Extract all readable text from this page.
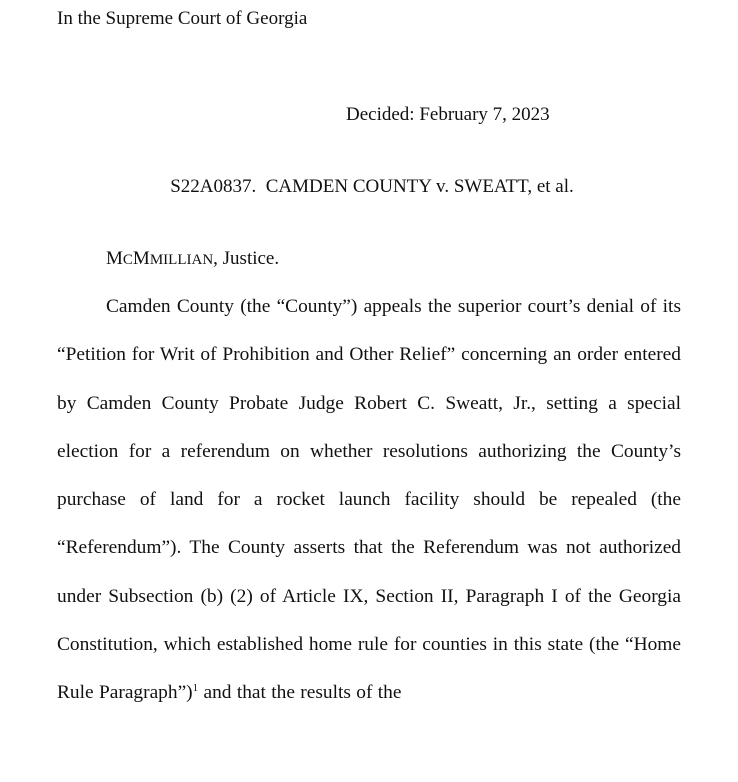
In the Supreme Court of Georgia
Decided: February 7, 2023
S22A0837.  CAMDEN COUNTY v. SWEATT, et al.
MCMMILLIAN, Justice.

Camden County (the “County”) appeals the superior court’s denial of its “Petition for Writ of Prohibition and Other Relief” concerning an order entered by Camden County Probate Judge Robert C. Sweatt, Jr., setting a special election for a referendum on whether resolutions authorizing the County’s purchase of land for a rocket launch facility should be repealed (the “Referendum”). The County asserts that the Referendum was not authorized under Subsection (b) (2) of Article IX, Section II, Paragraph I of the Georgia Constitution, which established home rule for counties in this state (the “Home Rule Paragraph”)$^1$ and that the results of the
